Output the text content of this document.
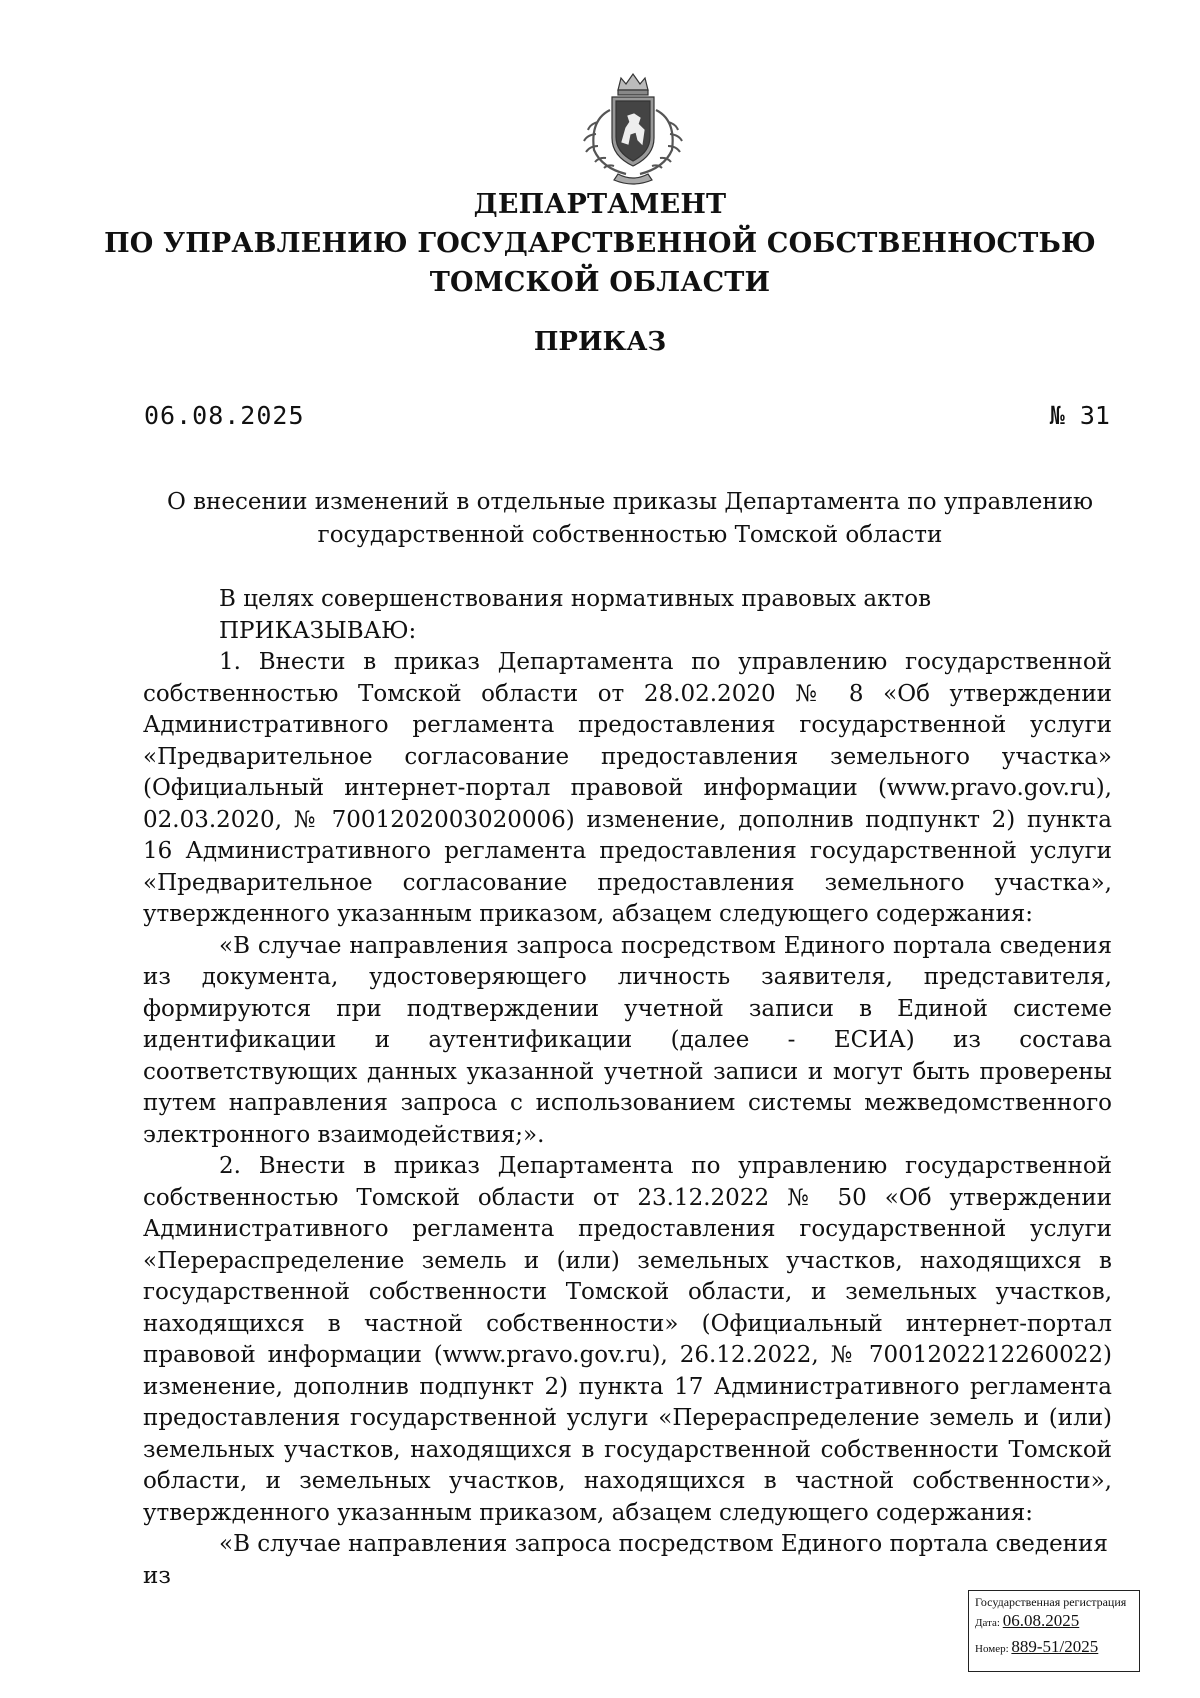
ДЕПАРТАМЕНТ
ПО УПРАВЛЕНИЮ ГОСУДАРСТВЕННОЙ СОБСТВЕННОСТЬЮ
ТОМСКОЙ ОБЛАСТИ
ПРИКАЗ
06.08.2025	№ 31
О внесении изменений в отдельные приказы Департамента по управлению государственной собственностью Томской области

В целях совершенствования нормативных правовых актов

ПРИКАЗЫВАЮ:

1. Внести в приказ Департамента по управлению государственной собственностью Томской области от 28.02.2020 № 8 «Об утверждении Административного регламента предоставления государственной услуги «Предварительное согласование предоставления земельного участка» (Официальный интернет-портал правовой информации (www.pravo.gov.ru), 02.03.2020, № 7001202003020006) изменение, дополнив подпункт 2) пункта 16 Административного регламента предоставления государственной услуги «Предварительное согласование предоставления земельного участка», утвержденного указанным приказом, абзацем следующего содержания:

«В случае направления запроса посредством Единого портала сведения из документа, удостоверяющего личность заявителя, представителя, формируются при подтверждении учетной записи в Единой системе идентификации и аутентификации (далее - ЕСИА) из состава соответствующих данных указанной учетной записи и могут быть проверены путем направления запроса с использованием системы межведомственного электронного взаимодействия;».

2. Внести в приказ Департамента по управлению государственной собственностью Томской области от 23.12.2022 № 50 «Об утверждении Административного регламента предоставления государственной услуги «Перераспределение земель и (или) земельных участков, находящихся в государственной собственности Томской области, и земельных участков, находящихся в частной собственности» (Официальный интернет-портал правовой информации (www.pravo.gov.ru), 26.12.2022, № 7001202212260022) изменение, дополнив подпункт 2) пункта 17 Административного регламента предоставления государственной услуги «Перераспределение земель и (или) земельных участков, находящихся в государственной собственности Томской области, и земельных участков, находящихся в частной собственности», утвержденного указанным приказом, абзацем следующего содержания:

«В случае направления запроса посредством Единого портала сведения из

Государственная регистрация
Дата: 06.08.2025
Номер: 889-51/2025
